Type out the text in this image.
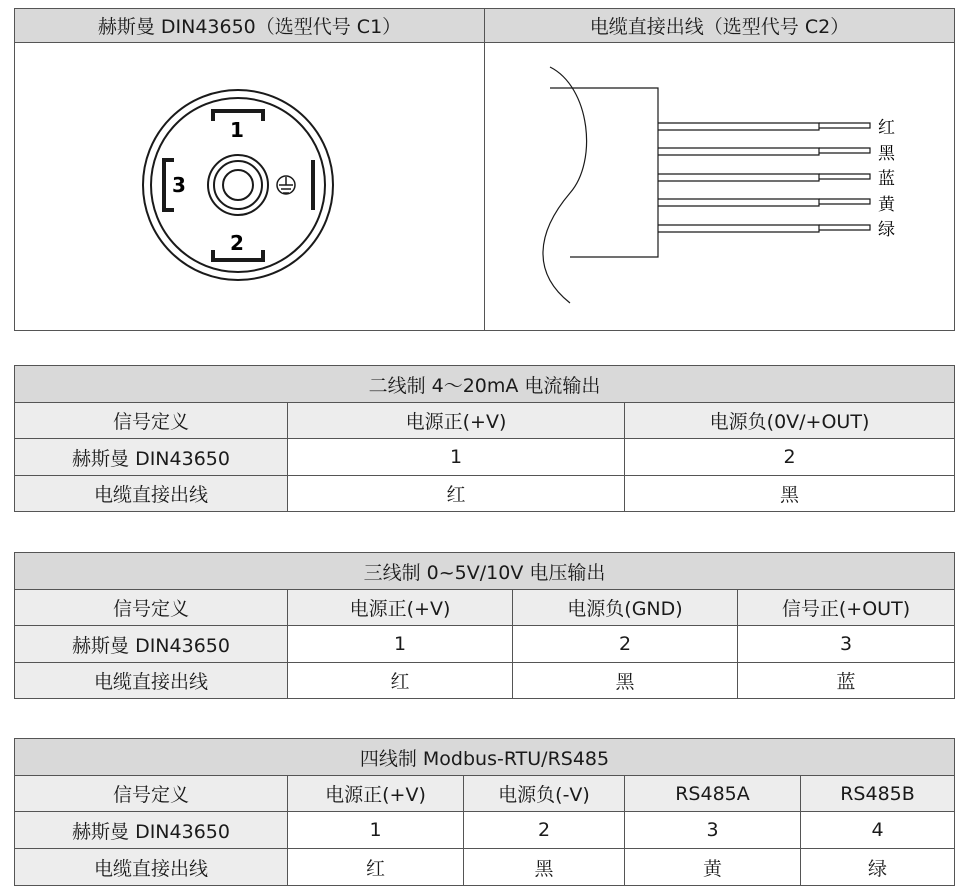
赫斯曼 DIN43650（选型代号 C1）	电缆直接出线（选型代号 C2）

1
2
3	红
黑
蓝
黄
绿
二线制 4～20mA 电流输出		
信号定义	电源正(+V)	电源负(0V/+OUT)
赫斯曼 DIN43650	1	2
电缆直接出线	红	黑
三线制 0~5V/10V 电压输出			
信号定义	电源正(+V)	电源负(GND)	信号正(+OUT)
赫斯曼 DIN43650	1	2	3
电缆直接出线	红	黑	蓝
四线制 Modbus-RTU/RS485				
信号定义	电源正(+V)	电源负(-V)	RS485A	RS485B
赫斯曼 DIN43650	1	2	3	4
电缆直接出线	红	黑	黄	绿
